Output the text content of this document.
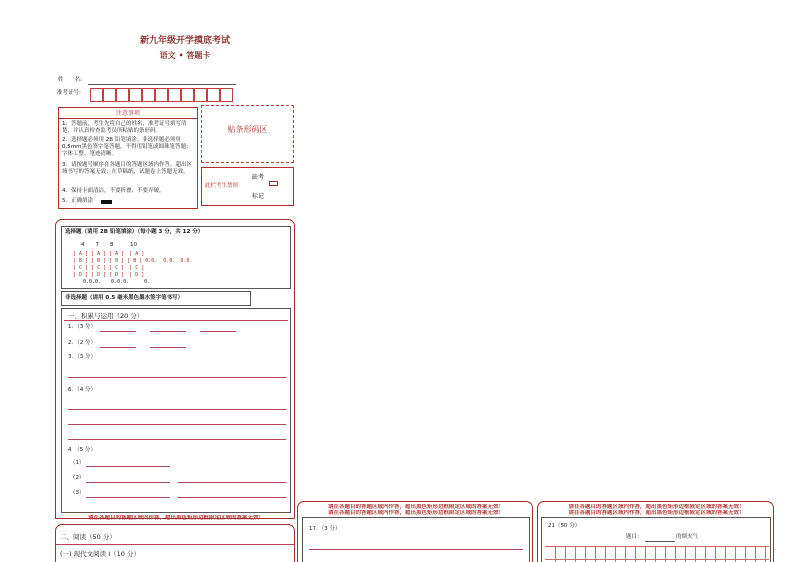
新九年级开学摸底考试
语文 • 答题卡
姓　　名:
准考证号:
注意事项
1．答题前，考生先将自己的姓名，准考证号填写清楚，并认真检查监考员所粘贴的条形码。
2．选择题必须用 2B 铅笔填涂；非选择题必须用 0.5mm黑色签字笔答题，不得用铅笔或圆珠笔答题；字体工整、笔迹清晰。
3．请按题号顺序在各题目的答题区域内作答，超出区域书写的答案无效；在草稿纸、试题卷上答题无效。
4．保持卡面清洁，不要折叠、不要弄破。
5．正确填涂
贴条形码区
此栏考生禁填
缺考
标记
选择题（请用 2B 铅笔填涂）（每小题 3 分，共 12 分）
4　　7　　8　　　10
[ A ] [ A ] [ A ]　[ A ]
[ B ] [ B ] [ B ] [ B ] 0.0.  0.0.　0.0.
[ C ] [ C ] [ C ]　[ C ]
[ D ] [ D ] [ D ]　[ D ]
　　0.0.0.　　0.0.0.　　　0.
非选择题（请用 0.5 毫米黑色墨水签字笔书写）
一、积累与运用（20 分）
1．（3 分）
2．（2 分）
3．（3 分）
6．（4 分）
4　（5 分）
（1）
（2）
（3）
请在各题目的答题区域内作答，超出黑色矩形边框限定区域的答案无效！
二、阅读（50 分）
(一) 现代文阅读 I（10 分）
请在各题目的答题区域内作答，超出黑色矩形边框限定区域的答案无效！
请在各题目的答题区域内作答，超出黑色矩形边框限定区域的答案无效！
17．（3 分）
请在各题目的答题区域内作答，超出黑色矩形边框限定区域的答案无效！
请在各题目的答题区域内作答，超出黑色矩形边框限定区域的答案无效！
21（50 分）
题目：	的烟火气
